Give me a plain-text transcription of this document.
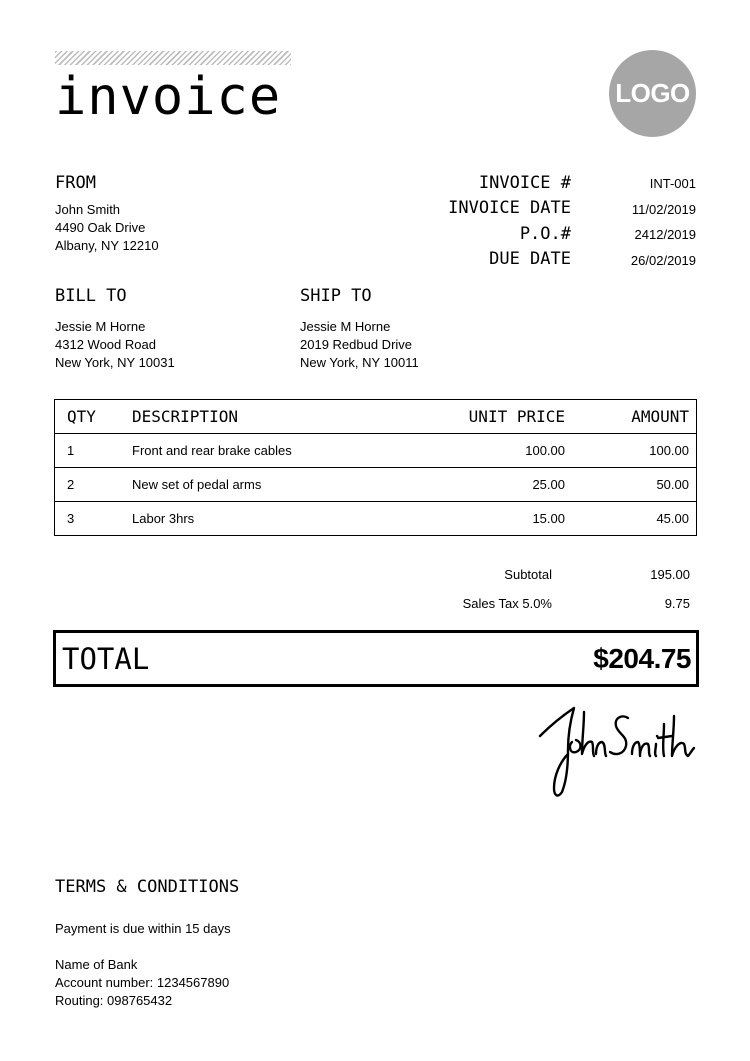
invoice	LOGO
FROM
John Smith
4490 Oak Drive
Albany, NY 12210
INVOICE #	INT-001
INVOICE DATE	11/02/2019
P.O.#	2412/2019
DUE DATE	26/02/2019
BILL TO
Jessie M Horne
4312 Wood Road
New York, NY 10031
SHIP TO
Jessie M Horne
2019 Redbud Drive
New York, NY 10011
QTY	DESCRIPTION	UNIT PRICE	AMOUNT
1	Front and rear brake cables	100.00	100.00
2	New set of pedal arms	25.00	50.00
3	Labor 3hrs	15.00	45.00
Subtotal	195.00
Sales Tax 5.0%	9.75
TOTAL	$204.75
TERMS & CONDITIONS
Payment is due within 15 days
Name of Bank
Account number: 1234567890
Routing: 098765432
